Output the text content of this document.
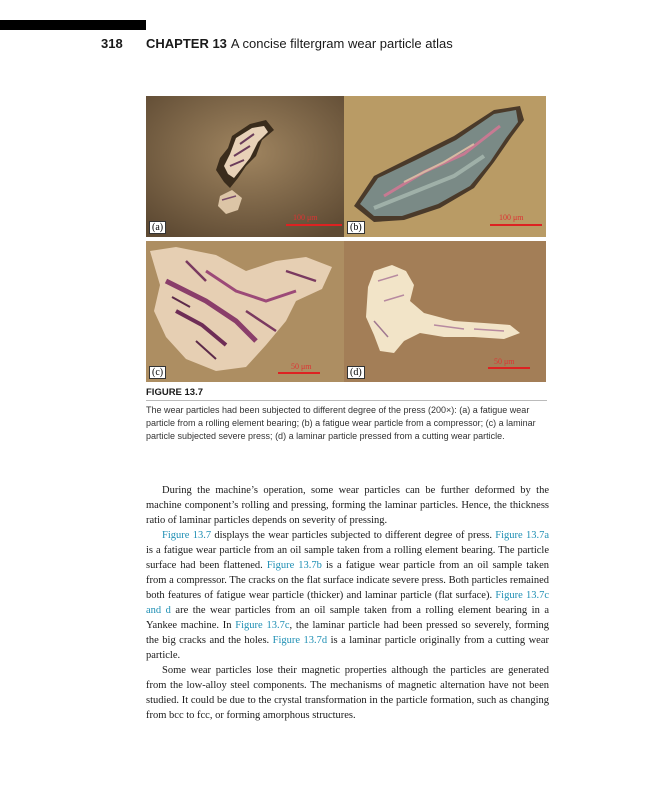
318 CHAPTER 13 A concise filtergram wear particle atlas
100 μm
(a)
100 μm
(b)
50 μm
(c)
50 μm
(d)
FIGURE 13.7
The wear particles had been subjected to different degree of the press (200×): (a) a fatigue wear particle from a rolling element bearing; (b) a fatigue wear particle from a compressor; (c) a laminar particle subjected severe press; (d) a laminar particle pressed from a cutting wear particle.

During the machine’s operation, some wear particles can be further deformed by the machine component’s rolling and pressing, forming the laminar particles. Hence, the thickness ratio of laminar particles depends on severity of pressing.

Figure 13.7 displays the wear particles subjected to different degree of press. Figure 13.7a is a fatigue wear particle from an oil sample taken from a rolling element bearing. The particle surface had been flattened. Figure 13.7b is a fatigue wear particle from an oil sample taken from a compressor. The cracks on the flat surface indicate severe press. Both particles remained both features of fatigue wear particle (thicker) and laminar particle (flat surface). Figure 13.7c and d are the wear particles from an oil sample taken from a rolling element bearing in a Yankee machine. In Figure 13.7c, the laminar particle had been pressed so severely, forming the big cracks and the holes. Figure 13.7d is a laminar particle originally from a cutting wear particle.

Some wear particles lose their magnetic properties although the particles are generated from the low-alloy steel components. The mechanisms of magnetic alternation have not been studied. It could be due to the crystal transformation in the particle formation, such as changing from bcc to fcc, or forming amorphous structures.
